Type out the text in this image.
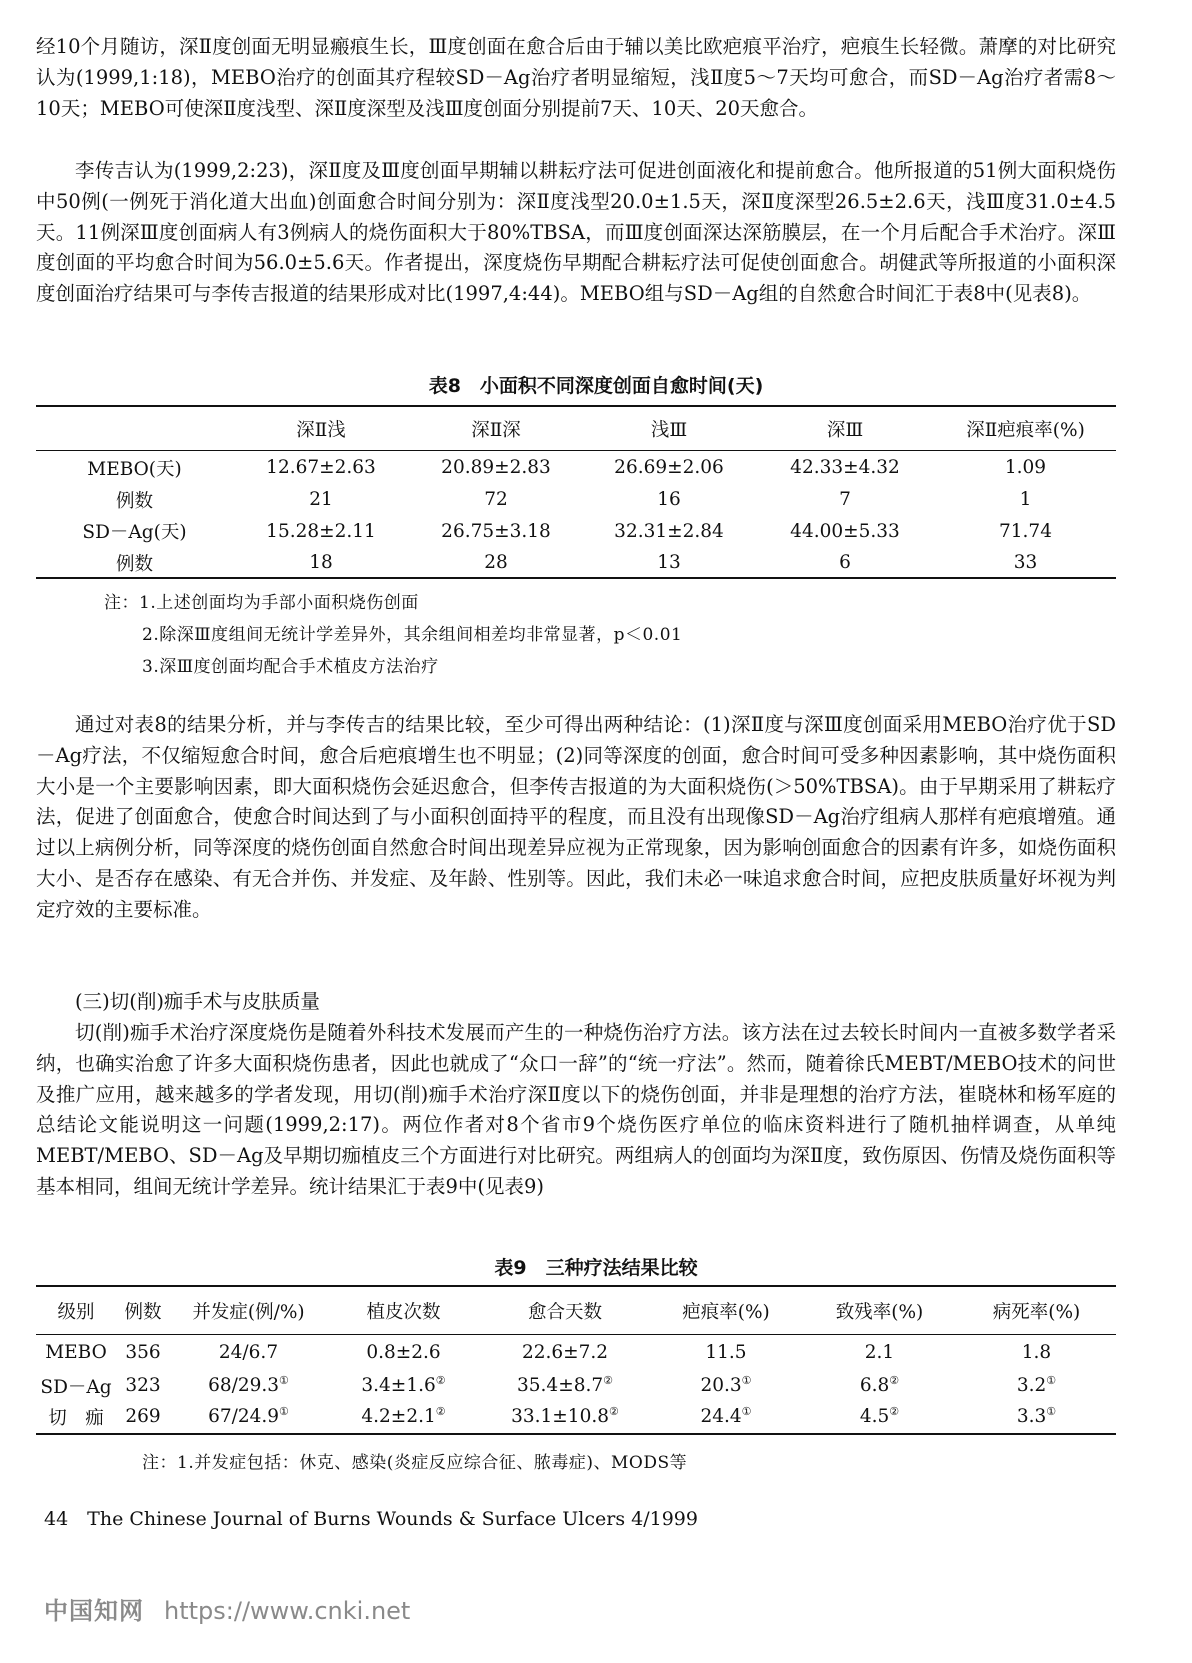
经10个月随访，深Ⅱ度创面无明显瘢痕生长，Ⅲ度创面在愈合后由于辅以美比欧疤痕平治疗，疤痕生长轻微。萧摩的对比研究认为(1999,1:18)，MEBO治疗的创面其疗程较SD－Ag治疗者明显缩短，浅Ⅱ度5～7天均可愈合，而SD－Ag治疗者需8～10天；MEBO可使深Ⅱ度浅型、深Ⅱ度深型及浅Ⅲ度创面分别提前7天、10天、20天愈合。

李传吉认为(1999,2:23)，深Ⅱ度及Ⅲ度创面早期辅以耕耘疗法可促进创面液化和提前愈合。他所报道的51例大面积烧伤中50例(一例死于消化道大出血)创面愈合时间分别为：深Ⅱ度浅型20.0±1.5天，深Ⅱ度深型26.5±2.6天，浅Ⅲ度31.0±4.5天。11例深Ⅲ度创面病人有3例病人的烧伤面积大于80%TBSA，而Ⅲ度创面深达深筋膜层，在一个月后配合手术治疗。深Ⅲ度创面的平均愈合时间为56.0±5.6天。作者提出，深度烧伤早期配合耕耘疗法可促使创面愈合。胡健武等所报道的小面积深度创面治疗结果可与李传吉报道的结果形成对比(1997,4:44)。MEBO组与SD－Ag组的自然愈合时间汇于表8中(见表8)。

表8　小面积不同深度创面自愈时间(天)

	深Ⅱ浅	深Ⅱ深	浅Ⅲ	深Ⅲ	深Ⅱ疤痕率(%)
MEBO(天)	12.67±2.63	20.89±2.83	26.69±2.06	42.33±4.32	1.09
例数	21	72	16	7	1
SD－Ag(天)	15.28±2.11	26.75±3.18	32.31±2.84	44.00±5.33	71.74
例数	18	28	13	6	33

注：1.上述创面均为手部小面积烧伤创面

2.除深Ⅲ度组间无统计学差异外，其余组间相差均非常显著，p＜0.01

3.深Ⅲ度创面均配合手术植皮方法治疗

通过对表8的结果分析，并与李传吉的结果比较，至少可得出两种结论：(1)深Ⅱ度与深Ⅲ度创面采用MEBO治疗优于SD－Ag疗法，不仅缩短愈合时间，愈合后疤痕增生也不明显；(2)同等深度的创面，愈合时间可受多种因素影响，其中烧伤面积大小是一个主要影响因素，即大面积烧伤会延迟愈合，但李传吉报道的为大面积烧伤(＞50%TBSA)。由于早期采用了耕耘疗法，促进了创面愈合，使愈合时间达到了与小面积创面持平的程度，而且没有出现像SD－Ag治疗组病人那样有疤痕增殖。通过以上病例分析，同等深度的烧伤创面自然愈合时间出现差异应视为正常现象，因为影响创面愈合的因素有许多，如烧伤面积大小、是否存在感染、有无合并伤、并发症、及年龄、性别等。因此，我们未必一味追求愈合时间，应把皮肤质量好坏视为判定疗效的主要标准。

(三)切(削)痂手术与皮肤质量

切(削)痂手术治疗深度烧伤是随着外科技术发展而产生的一种烧伤治疗方法。该方法在过去较长时间内一直被多数学者采纳，也确实治愈了许多大面积烧伤患者，因此也就成了“众口一辞”的“统一疗法”。然而，随着徐氏MEBT/MEBO技术的问世及推广应用，越来越多的学者发现，用切(削)痂手术治疗深Ⅱ度以下的烧伤创面，并非是理想的治疗方法，崔晓林和杨军庭的总结论文能说明这一问题(1999,2:17)。两位作者对8个省市9个烧伤医疗单位的临床资料进行了随机抽样调查，从单纯MEBT/MEBO、SD－Ag及早期切痂植皮三个方面进行对比研究。两组病人的创面均为深Ⅱ度，致伤原因、伤情及烧伤面积等基本相同，组间无统计学差异。统计结果汇于表9中(见表9)

表9　三种疗法结果比较

级别	例数	并发症(例/%)	植皮次数	愈合天数	疤痕率(%)	致残率(%)	病死率(%)
MEBO	356	24/6.7	0.8±2.6	22.6±7.2	11.5	2.1	1.8
SD－Ag	323	68/29.3①	3.4±1.6②	35.4±8.7②	20.3①	6.8②	3.2①
切　痂	269	67/24.9①	4.2±2.1②	33.1±10.8②	24.4①	4.5②	3.3①

注：1.并发症包括：休克、感染(炎症反应综合征、脓毒症)、MODS等

44　The Chinese Journal of Burns Wounds & Surface Ulcers 4/1999

中国知网 https://www.cnki.net
